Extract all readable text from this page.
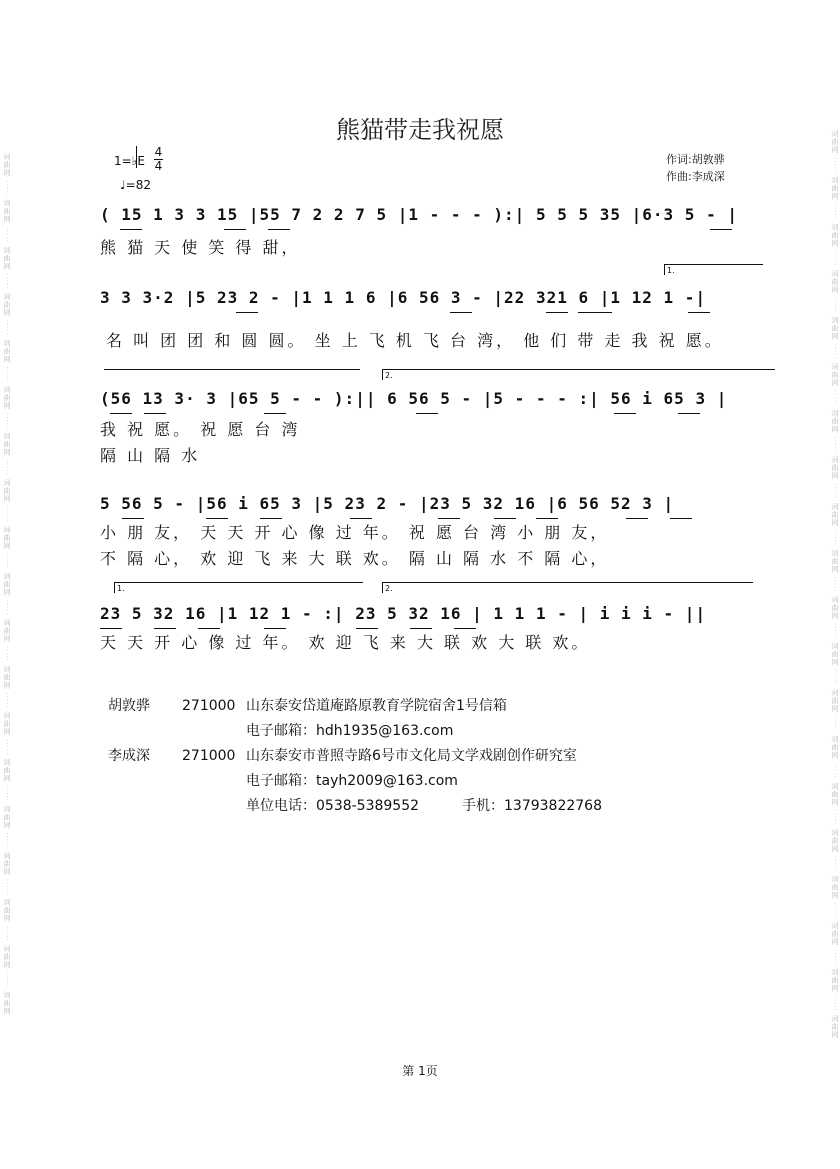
词曲网 ····· 词曲网 ····· 词曲网 ····· 词曲网 ····· 词曲网 ····· 词曲网 ····· 词曲网 ····· 词曲网 ····· 词曲网 ····· 词曲网 ····· 词曲网 ····· 词曲网 ····· 词曲网 ····· 词曲网 ····· 词曲网 ····· 词曲网 ····· 词曲网 ····· 词曲网 ····· 词曲网
词曲网 ····· 词曲网 ····· 词曲网 ····· 词曲网 ····· 词曲网 ····· 词曲网 ····· 词曲网 ····· 词曲网 ····· 词曲网 ····· 词曲网 ····· 词曲网 ····· 词曲网 ····· 词曲网 ····· 词曲网 ····· 词曲网 ····· 词曲网 ····· 词曲网 ····· 词曲网 ····· 词曲网 ····· 词曲网
熊猫带走我祝愿
1=♭E
4
4
♩=82
作词:胡敦骅
作曲:李成深
( 15 1 3 3 15 |55 7 2 2 7 5 |1 - - - ):| 5 5 5 35 |6·3 5 - |
熊 猫 天 使 笑 得 甜，
1.
3 3 3·2 |5 23 2 - |1 1 1 6 |6 56 3 - |22 321 6 |1 12 1 -|
名 叫 团 团 和 圆 圆。 坐 上 飞 机 飞 台 湾， 他 们 带 走 我 祝 愿。
2.
(56 13 3· 3 |65 5 - - ):|| 6 56 5 - |5 - - - :| 56 i 65 3 |
我 祝 愿。 祝 愿 台 湾
隔 山 隔 水
5 56 5 - |56 i 65 3 |5 23 2 - |23 5 32 16 |6 56 52 3 |
小 朋 友， 天 天 开 心 像 过 年。 祝 愿 台 湾 小 朋 友，
不 隔 心， 欢 迎 飞 来 大 联 欢。 隔 山 隔 水 不 隔 心，
1.	2.
23 5 32 16 |1 12 1 - :| 23 5 32 16 | 1 1 1 - | i i i - ||
天 天 开 心 像 过 年。 欢 迎 飞 来 大 联 欢 大 联 欢。
胡敦骅 271000 山东泰安岱道庵路原教育学院宿舍1号信箱
电子邮箱：hdh1935@163.com
李成深 271000 山东泰安市普照寺路6号市文化局文学戏剧创作研究室
电子邮箱：tayh2009@163.com
单位电话：0538-5389552	手机：13793822768
第 1页
